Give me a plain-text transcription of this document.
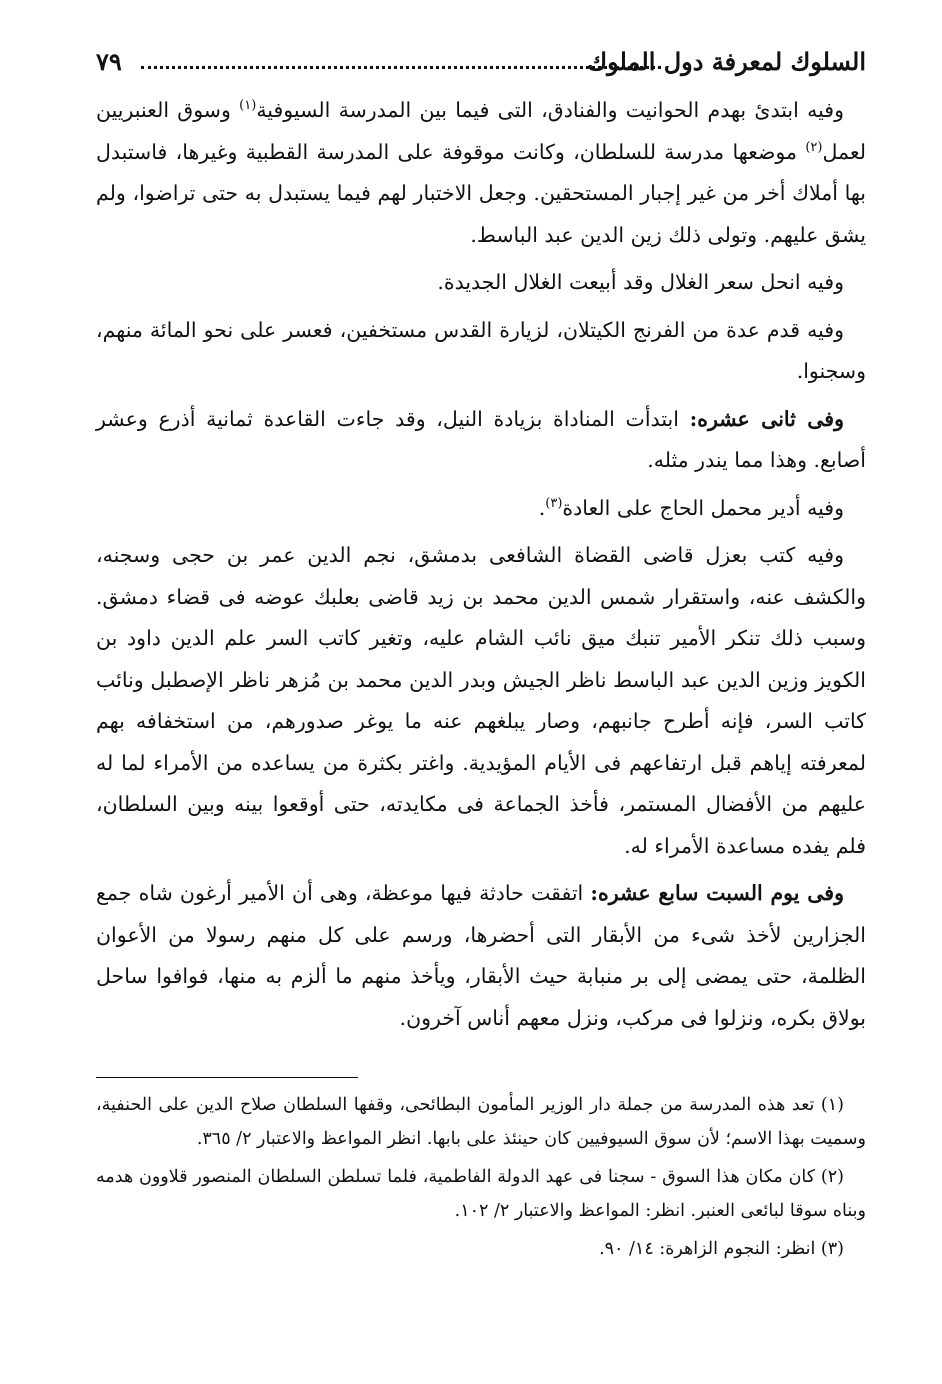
السلوك لمعرفة دول الملوك
٧٩

وفيه ابتدئ بهدم الحوانيت والفنادق، التى فيما بين المدرسة السيوفية$^{(١)}$ وسوق العنبريين لعمل$^{(٢)}$ موضعها مدرسة للسلطان، وكانت موقوفة على المدرسة القطبية وغيرها، فاستبدل بها أملاك أخر من غير إجبار المستحقين. وجعل الاختبار لهم فيما يستبدل به حتى تراضوا، ولم يشق عليهم. وتولى ذلك زين الدين عبد الباسط.

وفيه انحل سعر الغلال وقد أبيعت الغلال الجديدة.

وفيه قدم عدة من الفرنج الكيتلان، لزيارة القدس مستخفين، فعسر على نحو المائة منهم، وسجنوا.

وفى ثانى عشره: ابتدأت المناداة بزيادة النيل، وقد جاءت القاعدة ثمانية أذرع وعشر أصابع. وهذا مما يندر مثله.

وفيه أدير محمل الحاج على العادة$^{(٣)}$.

وفيه كتب بعزل قاضى القضاة الشافعى بدمشق، نجم الدين عمر بن حجى وسجنه، والكشف عنه، واستقرار شمس الدين محمد بن زيد قاضى بعلبك عوضه فى قضاء دمشق. وسبب ذلك تنكر الأمير تنبك ميق نائب الشام عليه، وتغير كاتب السر علم الدين داود بن الكويز وزين الدين عبد الباسط ناظر الجيش وبدر الدين محمد بن مُزهر ناظر الإصطبل ونائب كاتب السر، فإنه أطرح جانبهم، وصار يبلغهم عنه ما يوغر صدورهم، من استخفافه بهم لمعرفته إياهم قبل ارتفاعهم فى الأيام المؤيدية. واغتر بكثرة من يساعده من الأمراء لما له عليهم من الأفضال المستمر، فأخذ الجماعة فى مكايدته، حتى أوقعوا بينه وبين السلطان، فلم يفده مساعدة الأمراء له.

وفى يوم السبت سابع عشره: اتفقت حادثة فيها موعظة، وهى أن الأمير أرغون شاه جمع الجزارين لأخذ شىء من الأبقار التى أحضرها، ورسم على كل منهم رسولا من الأعوان الظلمة، حتى يمضى إلى بر منبابة حيث الأبقار، ويأخذ منهم ما ألزم به منها، فوافوا ساحل بولاق بكره، ونزلوا فى مركب، ونزل معهم أناس آخرون.

(١) تعد هذه المدرسة من جملة دار الوزير المأمون البطائحى، وقفها السلطان صلاح الدين على الحنفية، وسميت بهذا الاسم؛ لأن سوق السيوفيين كان حينئذ على بابها. انظر المواعظ والاعتبار ٢/ ٣٦٥.

(٢) كان مكان هذا السوق - سجنا فى عهد الدولة الفاطمية، فلما تسلطن السلطان المنصور قلاوون هدمه وبناه سوقا لبائعى العنبر. انظر: المواعظ والاعتبار ٢/ ١٠٢.

(٣) انظر: النجوم الزاهرة: ١٤/ ٩٠.
